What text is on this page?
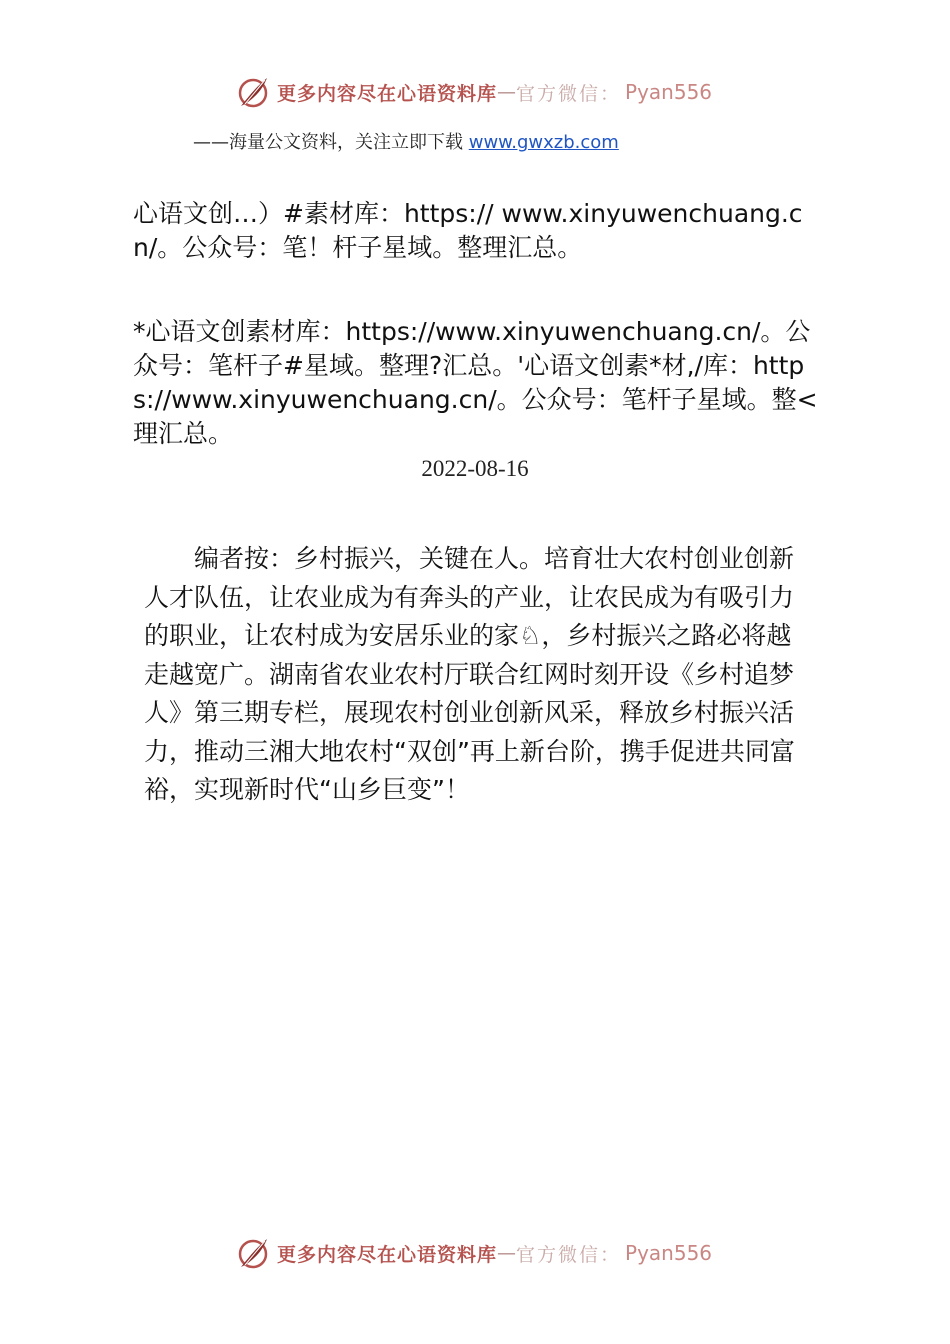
更多内容尽在心语资料库 — 官方微信： Pyan556
——海量公文资料，关注立即下载 www.gwxzb.com

心语文创…）#素材库：https:// www.xinyuwenchuang.cn/。公众号：笔！杆子星域。整理汇总。

*心语文创素材库：https://www.xinyuwenchuang.cn/。公众号：笔杆子#星域。整理?汇总。'心语文创素*材,/库：https://www.xinyuwenchuang.cn/。公众号：笔杆子星域。整<理汇总。

2022-08-16

编者按：乡村振兴，关键在人。培育壮大农村创业创新人才队伍，让农业成为有奔头的产业，让农民成为有吸引力的职业，让农村成为安居乐业的家♘，乡村振兴之路必将越走越宽广。湖南省农业农村厅联合红网时刻开设《乡村追梦人》第三期专栏，展现农村创业创新风采，释放乡村振兴活力，推动三湘大地农村“双创”再上新台阶，携手促进共同富裕，实现新时代“山乡巨变”！

更多内容尽在心语资料库 — 官方微信： Pyan556
